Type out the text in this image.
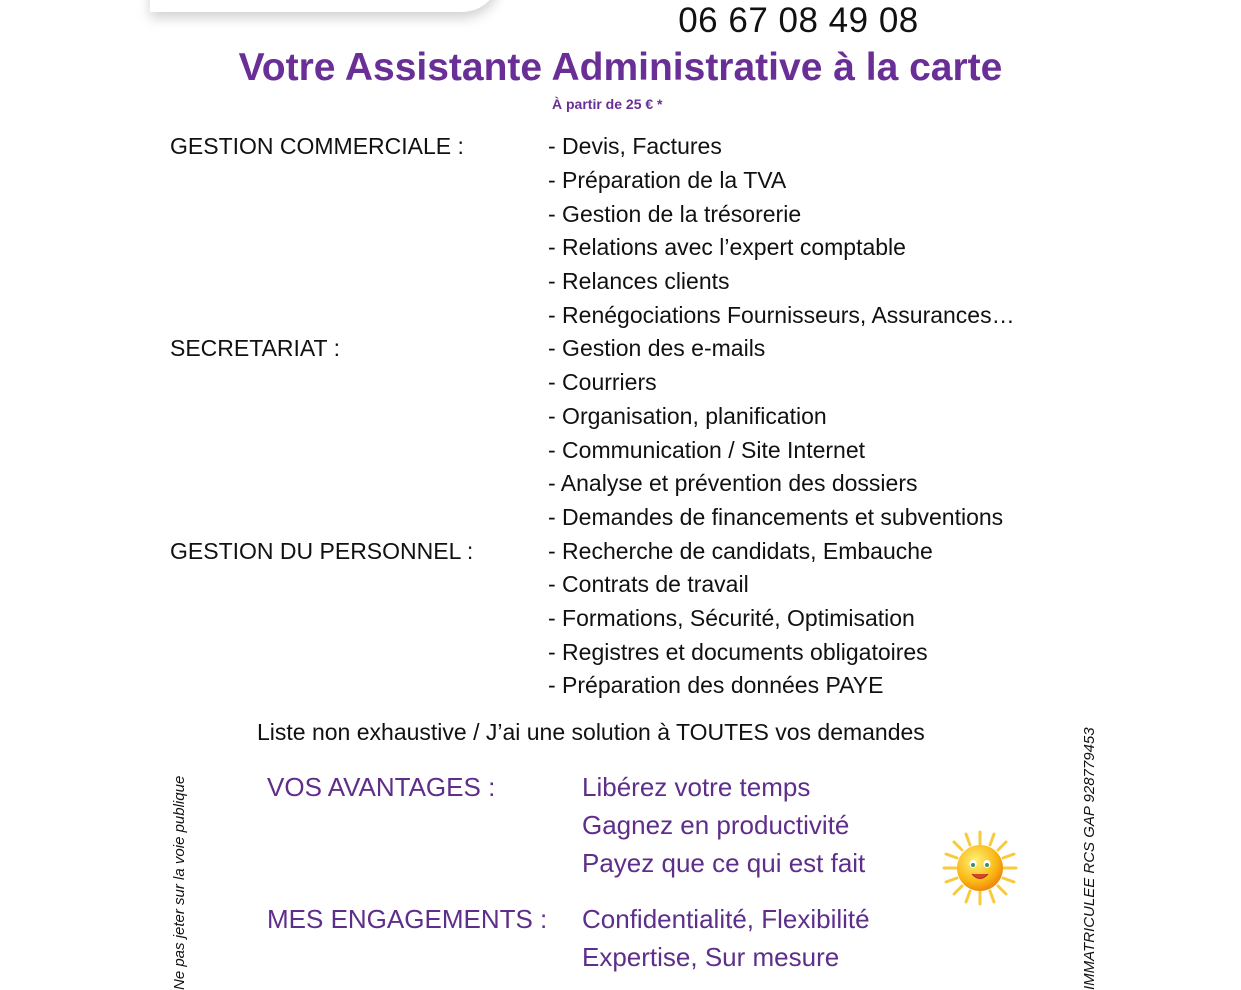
06 67 08 49 08
Votre Assistante Administrative à la carte
À partir de 25 € *
GESTION COMMERCIALE :	- Devis, Factures
- Préparation de la TVA
- Gestion de la trésorerie
- Relations avec l’expert comptable
- Relances clients
- Renégociations Fournisseurs, Assurances…
SECRETARIAT :	- Gestion des e-mails
- Courriers
- Organisation, planification
- Communication / Site Internet
- Analyse et prévention des dossiers
- Demandes de financements et subventions
GESTION DU PERSONNEL :	- Recherche de candidats, Embauche
- Contrats de travail
- Formations, Sécurité, Optimisation
- Registres et documents obligatoires
- Préparation des données PAYE
Liste non exhaustive / J’ai une solution à TOUTES vos demandes
VOS AVANTAGES :	Libérez votre temps
Gagnez en productivité
Payez que ce qui est fait
MES ENGAGEMENTS :	Confidentialité, Flexibilité
Expertise, Sur mesure
Ne pas jeter sur la voie publique	IMMATRICULEE RCS GAP 928779453
